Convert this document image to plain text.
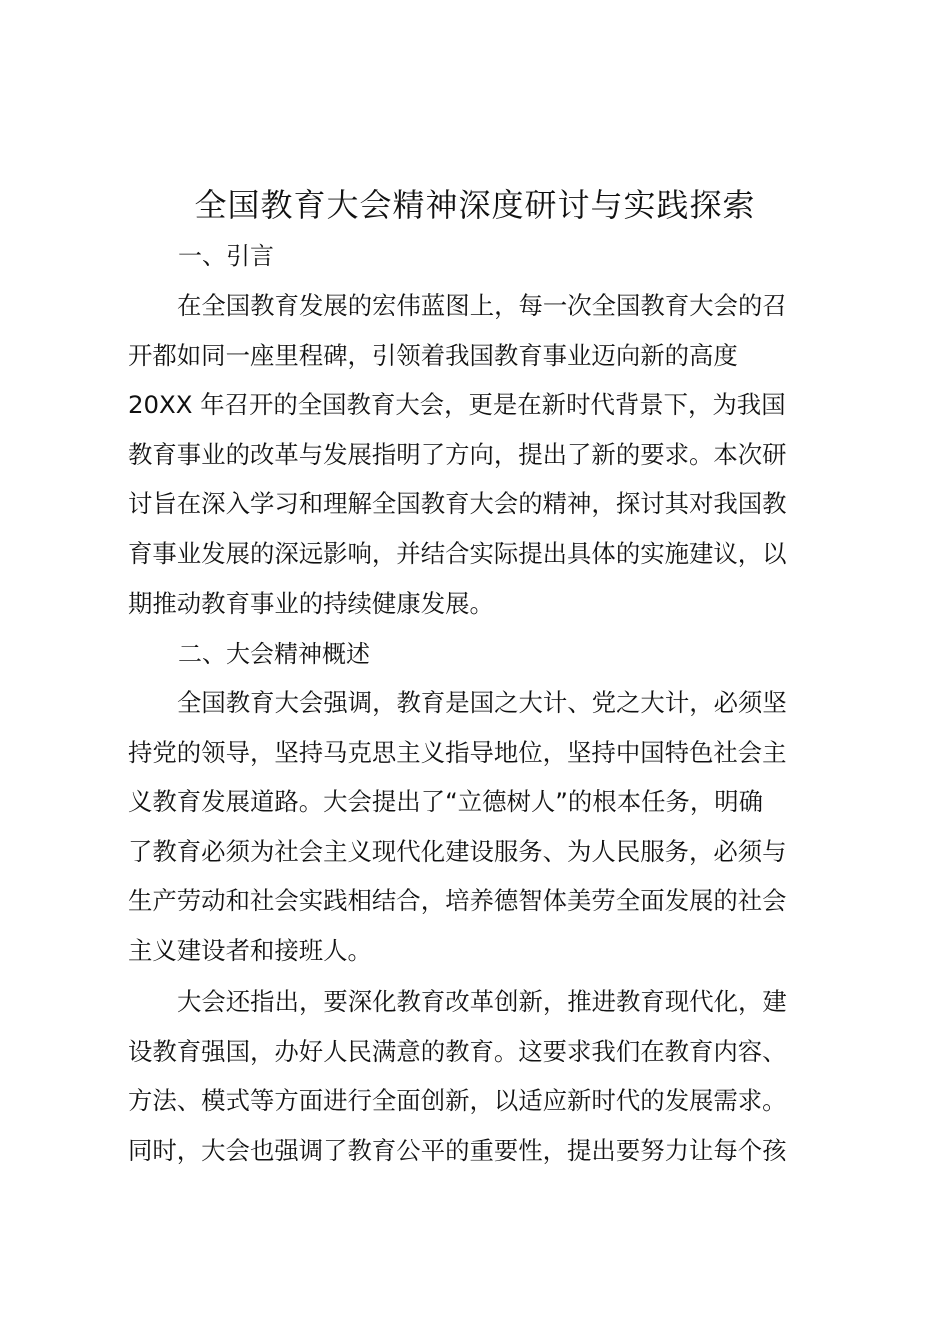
全国教育大会精神深度研讨与实践探索
一、引言

在全国教育发展的宏伟蓝图上，每一次全国教育大会的召
开都如同一座里程碑，引领着我国教育事业迈向新的高度
20XX 年召开的全国教育大会，更是在新时代背景下，为我国
教育事业的改革与发展指明了方向，提出了新的要求。本次研
讨旨在深入学习和理解全国教育大会的精神，探讨其对我国教
育事业发展的深远影响，并结合实际提出具体的实施建议，以
期推动教育事业的持续健康发展。

二、大会精神概述

全国教育大会强调，教育是国之大计、党之大计，必须坚
持党的领导，坚持马克思主义指导地位，坚持中国特色社会主
义教育发展道路。大会提出了“立德树人”的根本任务，明确
了教育必须为社会主义现代化建设服务、为人民服务，必须与
生产劳动和社会实践相结合，培养德智体美劳全面发展的社会
主义建设者和接班人。

大会还指出，要深化教育改革创新，推进教育现代化，建
设教育强国，办好人民满意的教育。这要求我们在教育内容、
方法、模式等方面进行全面创新，以适应新时代的发展需求。
同时，大会也强调了教育公平的重要性，提出要努力让每个孩
